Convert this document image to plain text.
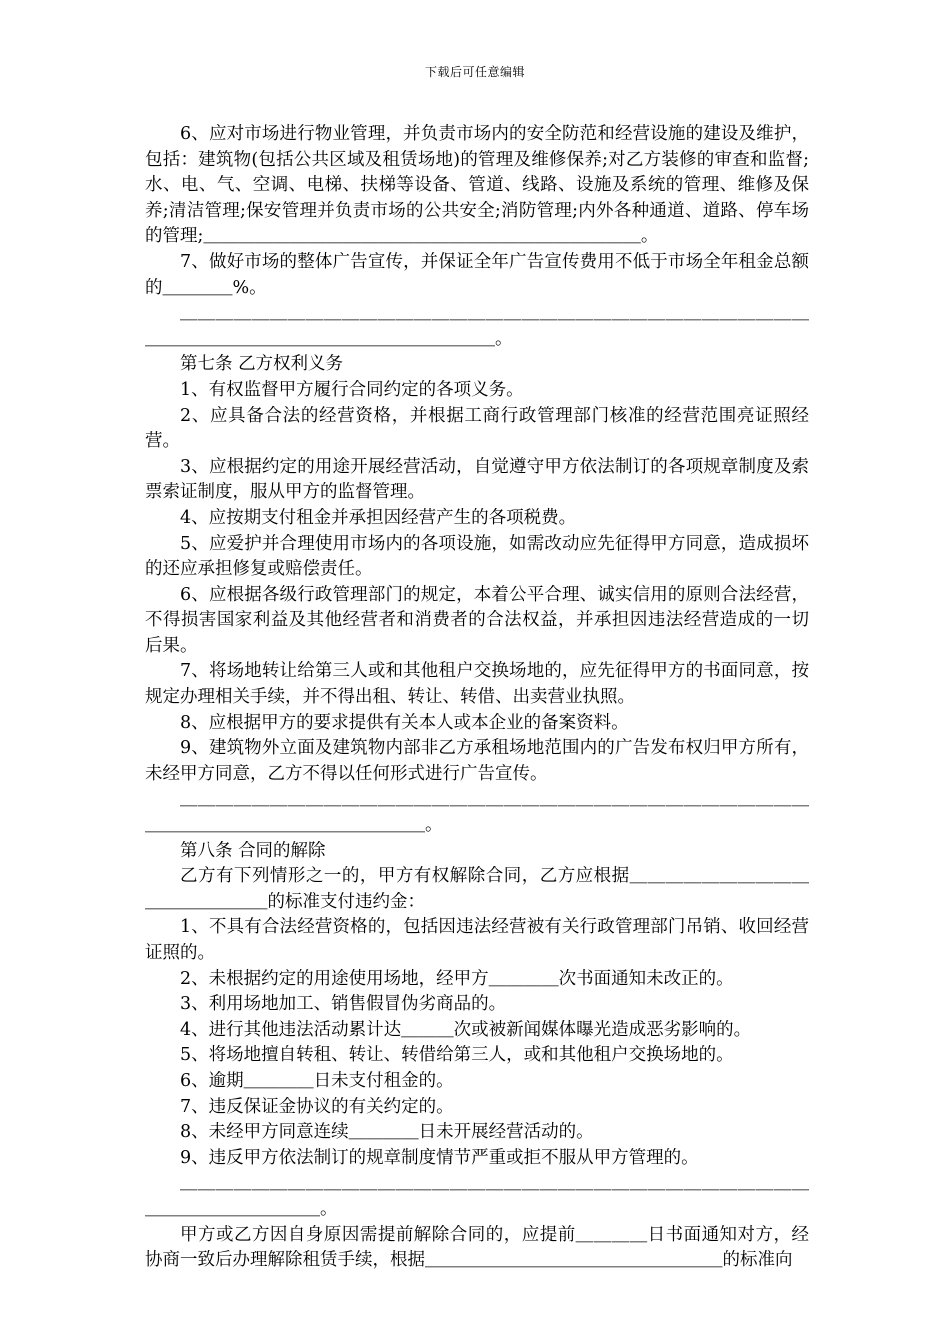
下载后可任意编辑

6、应对市场进行物业管理，并负责市场内的安全防范和经营设施的建设及维护，包括：建筑物(包括公共区域及租赁场地)的管理及维修保养;对乙方装修的审查和监督;水、电、气、空调、电梯、扶梯等设备、管道、线路、设施及系统的管理、维修及保养;清洁管理;保安管理并负责市场的公共安全;消防管理;内外各种通道、道路、停车场的管理;＿＿＿＿＿＿＿＿＿＿＿＿＿＿＿＿＿＿＿＿＿＿＿＿＿。

7、做好市场的整体广告宣传，并保证全年广告宣传费用不低于市场全年租金总额的＿＿＿＿%。

＿＿＿＿＿＿＿＿＿＿＿＿＿＿＿＿＿＿＿＿＿＿＿＿＿＿＿＿＿＿＿＿＿＿＿＿＿＿＿＿＿＿＿＿＿＿＿＿＿＿＿＿＿＿＿。

第七条 乙方权利义务

1、有权监督甲方履行合同约定的各项义务。

2、应具备合法的经营资格，并根据工商行政管理部门核准的经营范围亮证照经营。

3、应根据约定的用途开展经营活动，自觉遵守甲方依法制订的各项规章制度及索票索证制度，服从甲方的监督管理。

4、应按期支付租金并承担因经营产生的各项税费。

5、应爱护并合理使用市场内的各项设施，如需改动应先征得甲方同意，造成损坏的还应承担修复或赔偿责任。

6、应根据各级行政管理部门的规定，本着公平合理、诚实信用的原则合法经营，不得损害国家利益及其他经营者和消费者的合法权益，并承担因违法经营造成的一切后果。

7、将场地转让给第三人或和其他租户交换场地的，应先征得甲方的书面同意，按规定办理相关手续，并不得出租、转让、转借、出卖营业执照。

8、应根据甲方的要求提供有关本人或本企业的备案资料。

9、建筑物外立面及建筑物内部非乙方承租场地范围内的广告发布权归甲方所有，未经甲方同意，乙方不得以任何形式进行广告宣传。

＿＿＿＿＿＿＿＿＿＿＿＿＿＿＿＿＿＿＿＿＿＿＿＿＿＿＿＿＿＿＿＿＿＿＿＿＿＿＿＿＿＿＿＿＿＿＿＿＿＿＿。

第八条 合同的解除

乙方有下列情形之一的，甲方有权解除合同，乙方应根据＿＿＿＿＿＿＿＿＿＿＿＿＿＿＿＿＿的标准支付违约金：

1、不具有合法经营资格的，包括因违法经营被有关行政管理部门吊销、收回经营证照的。

2、未根据约定的用途使用场地，经甲方＿＿＿＿次书面通知未改正的。

3、利用场地加工、销售假冒伪劣商品的。

4、进行其他违法活动累计达＿＿＿次或被新闻媒体曝光造成恶劣影响的。

5、将场地擅自转租、转让、转借给第三人，或和其他租户交换场地的。

6、逾期＿＿＿＿日未支付租金的。

7、违反保证金协议的有关约定的。

8、未经甲方同意连续＿＿＿＿日未开展经营活动的。

9、违反甲方依法制订的规章制度情节严重或拒不服从甲方管理的。

＿＿＿＿＿＿＿＿＿＿＿＿＿＿＿＿＿＿＿＿＿＿＿＿＿＿＿＿＿＿＿＿＿＿＿＿＿＿＿＿＿＿＿＿＿。

甲方或乙方因自身原因需提前解除合同的，应提前＿＿＿＿日书面通知对方，经协商一致后办理解除租赁手续，根据＿＿＿＿＿＿＿＿＿＿＿＿＿＿＿＿＿的标准向
